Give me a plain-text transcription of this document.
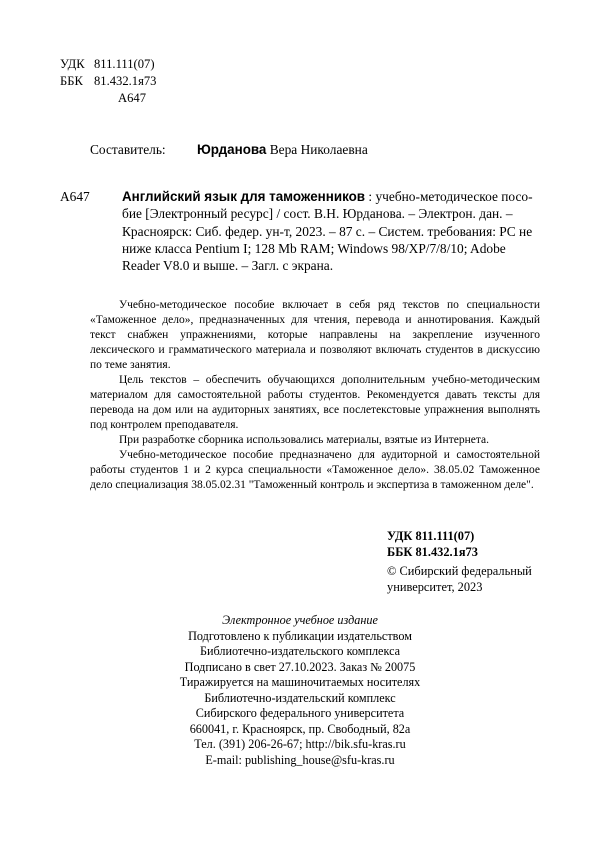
УДК 811.111(07)
ББК 81.432.1я73
А647
Составитель:	Юрданова
Вера Николаевна
А647 Английский язык для таможенников : учебно-методическое посо-

бие [Электронный ресурс] / сост. В.Н. Юрданова. – Электрон. дан. –

Красноярск: Сиб. федер. ун-т, 2023. – 87 с. – Систем. требования: PC не

ниже класса Pentium I; 128 Mb RAM; Windows 98/XP/7/8/10; Adobe

Reader V8.0 и выше. – Загл. с экрана.

Учебно-методическое пособие включает в себя ряд текстов по специальности «Таможенное дело», предназначенных для чтения, перевода и аннотирования. Каждый текст снабжен упражнениями, которые направлены на закрепление изученного лексического и грамматического материала и позволяют включать студентов в дискуссию по теме занятия.

Цель текстов – обеспечить обучающихся дополнительным учебно-методическим материалом для самостоятельной работы студентов. Рекомендуется давать тексты для перевода на дом или на аудиторных занятиях, все послетекстовые упражнения выполнять под контролем преподавателя.

При разработке сборника использовались материалы, взятые из Интернета.

Учебно-методическое пособие предназначено для аудиторной и самостоятельной работы студентов 1 и 2 курса специальности «Таможенное дело». 38.05.02 Таможенное дело специализация 38.05.02.31 "Таможенный контроль и экспертиза в таможенном деле".

УДК 811.111(07)
ББК 81.432.1я73
© Сибирский федеральный
университет, 2023
Электронное учебное издание
Подготовлено к публикации издательством
Библиотечно-издательского комплекса
Подписано в свет 27.10.2023. Заказ № 20075
Тиражируется на машиночитаемых носителях
Библиотечно-издательский комплекс
Сибирского федерального университета
660041, г. Красноярск, пр. Свободный, 82а
Тел. (391) 206-26-67; http://bik.sfu-kras.ru
E-mail: publishing_house@sfu-kras.ru
